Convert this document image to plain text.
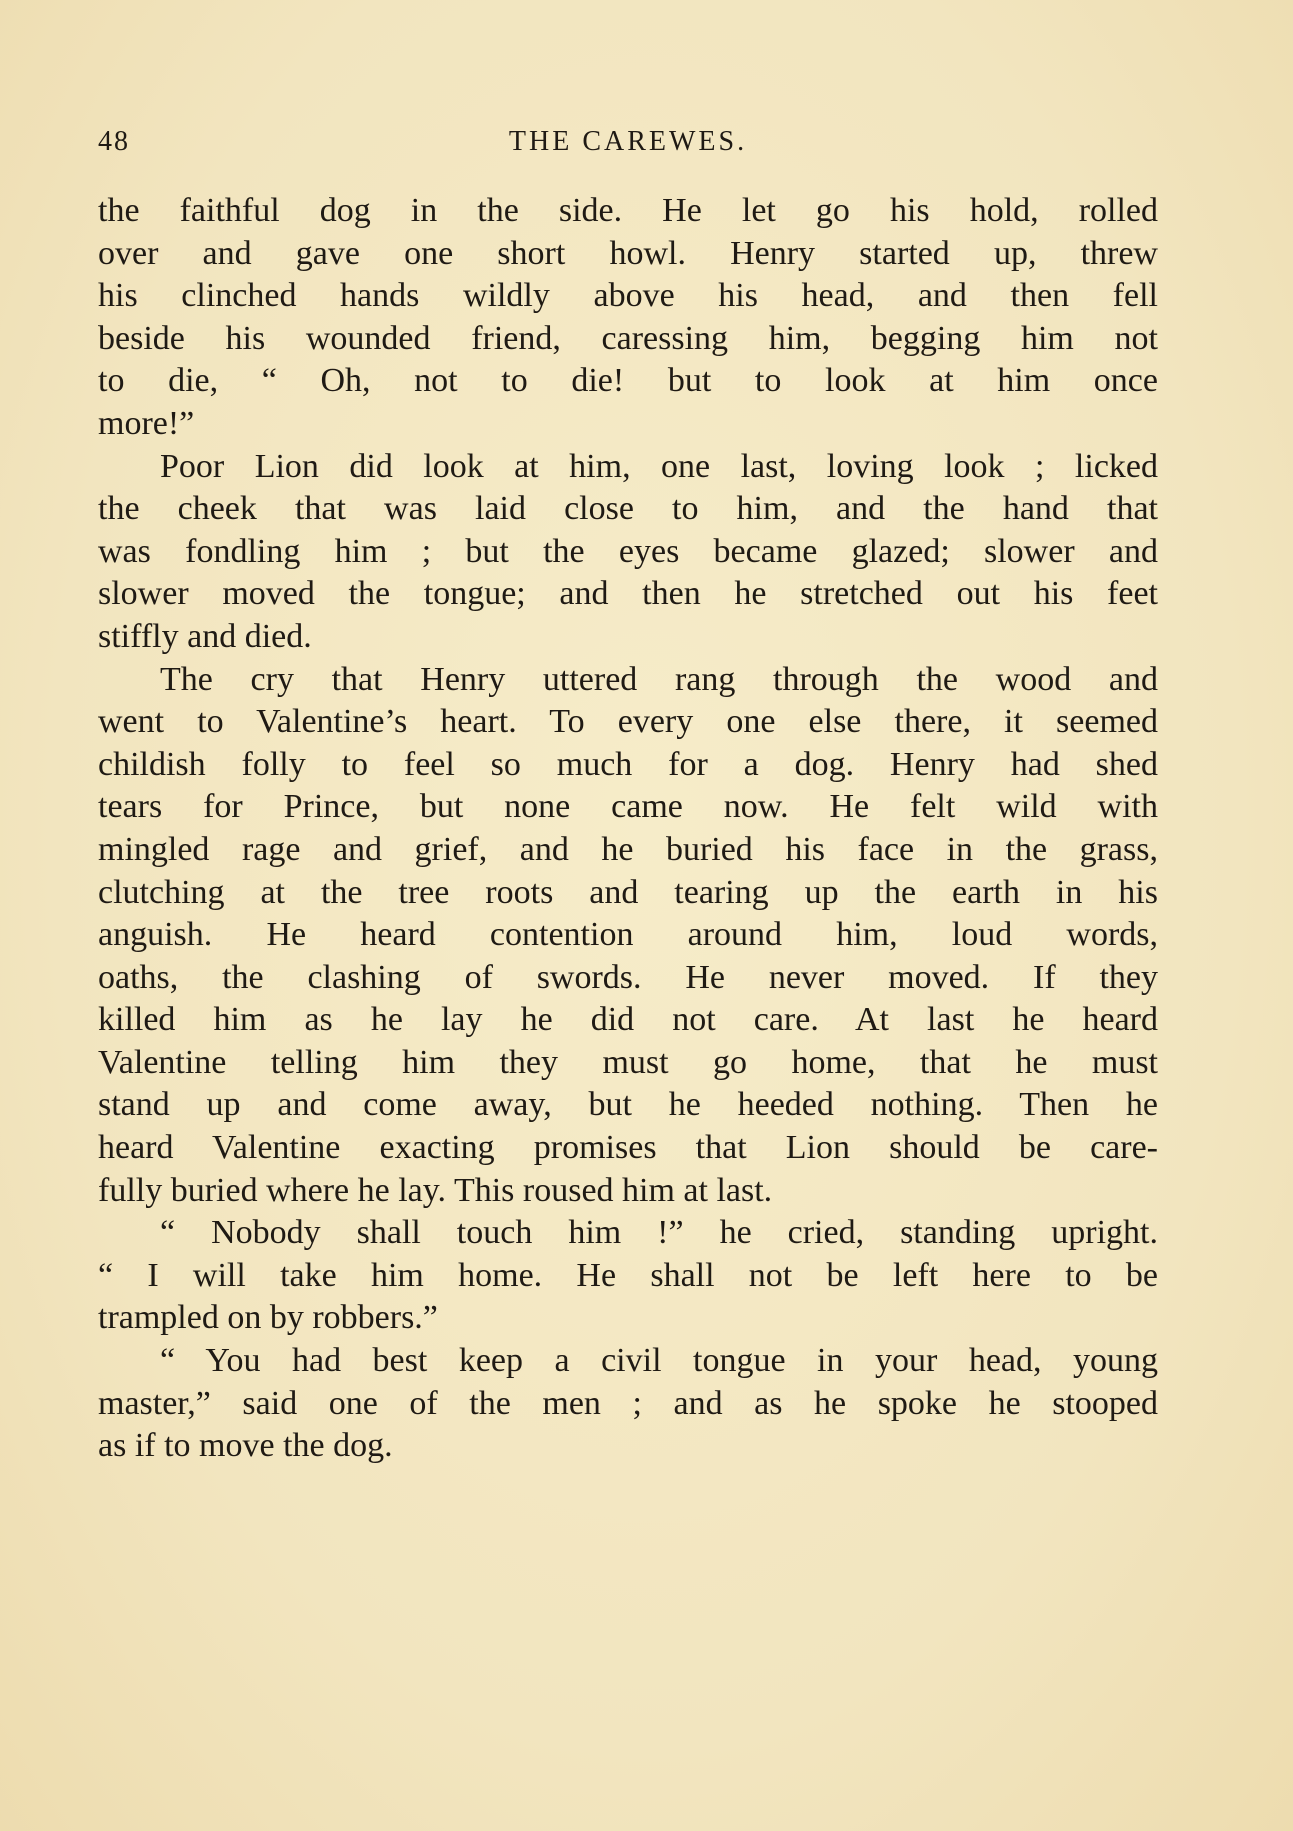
48	THE CAREWES.
the faithful dog in the side. He let go his hold, rolled
over and gave one short howl. Henry started up, threw
his clinched hands wildly above his head, and then fell
beside his wounded friend, caressing him, begging him not
to die, “ Oh, not to die! but to look at him once
more!”
Poor Lion did look at him, one last, loving look ; licked
the cheek that was laid close to him, and the hand that
was fondling him ; but the eyes became glazed; slower and
slower moved the tongue; and then he stretched out his feet
stiffly and died.
The cry that Henry uttered rang through the wood and
went to Valentine’s heart. To every one else there, it seemed
childish folly to feel so much for a dog. Henry had shed
tears for Prince, but none came now. He felt wild with
mingled rage and grief, and he buried his face in the grass,
clutching at the tree roots and tearing up the earth in his
anguish. He heard contention around him, loud words,
oaths, the clashing of swords. He never moved. If they
killed him as he lay he did not care. At last he heard
Valentine telling him they must go home, that he must
stand up and come away, but he heeded nothing. Then he
heard Valentine exacting promises that Lion should be care-
fully buried where he lay. This roused him at last.
“ Nobody shall touch him !” he cried, standing upright.
“ I will take him home. He shall not be left here to be
trampled on by robbers.”
“ You had best keep a civil tongue in your head, young
master,” said one of the men ; and as he spoke he stooped
as if to move the dog.
